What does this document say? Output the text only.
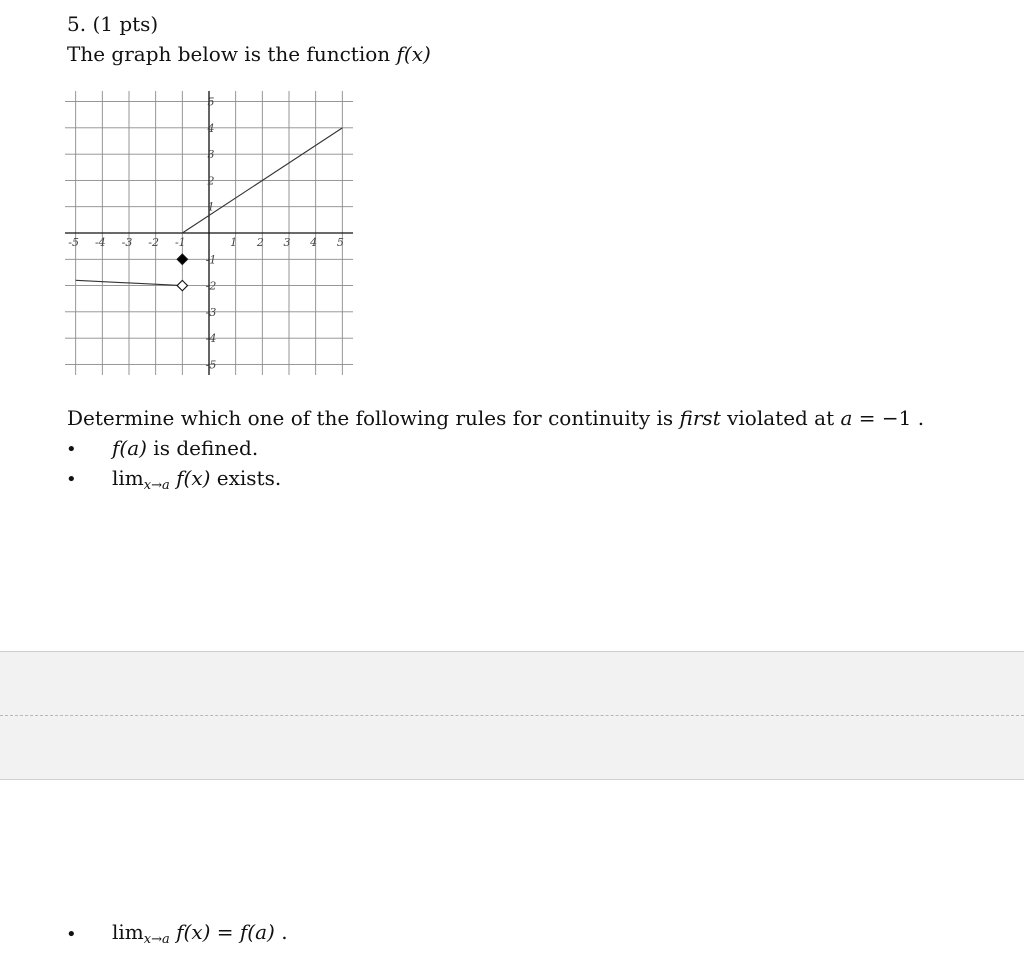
5. (1 pts)
The graph below is the function f(x)
-5 -4 -3 -2 -1	1 2 3 4 5
5
4
3
2
1
-1
-2
-3
-4
-5
Determine which one of the following rules for continuity is first violated at a = −1 .
• f(a) is defined.
• $\lim_{x\to a} f(x)$ exists.
• $\lim_{x\to a} f(x) = f(a)$ .
